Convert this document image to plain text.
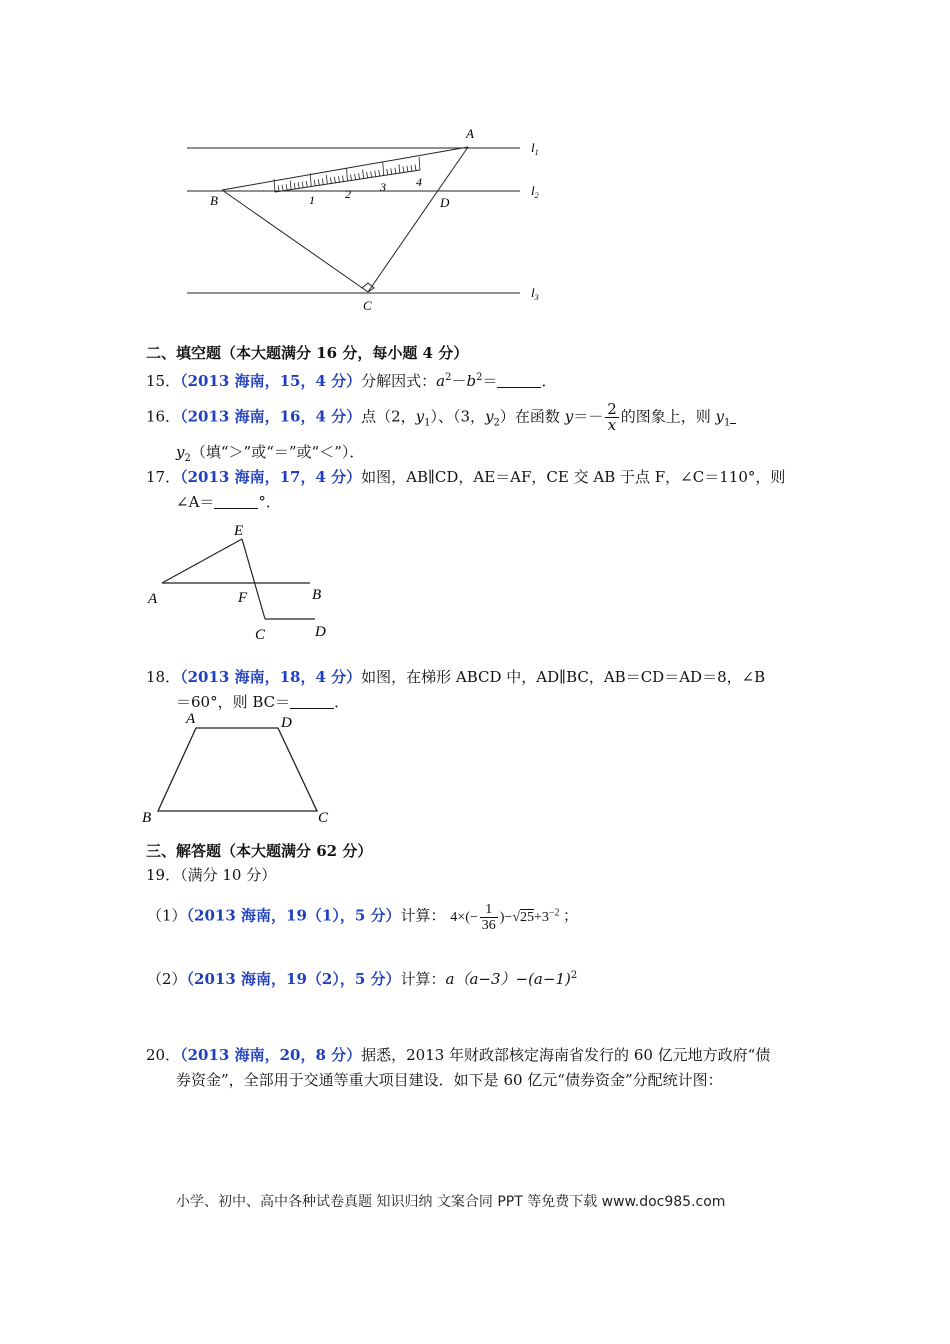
1	2 3	4
A
B	D
C
$l_1$
$l_2$
$l_3$
二、填空题（本大题满分 16 分，每小题 4 分）
15．（2013 海南，15，4 分）分解因式：$a^2-b^2=$	．
16．（2013 海南，16，4 分）点（2，$y_1$）、（3，$y_2$）在函数 $y=- \frac{2}{x}$ 的图象上，则 $y_1$
$y_2$（填“＞”或“＝”或“＜”）．
17．（2013 海南，17，4 分）如图，AB∥CD，AE＝AF，CE 交 AB 于点 F，∠C＝110°，则
∠A＝	°．
E
A	F	B
C	D
18．（2013 海南，18，4 分）如图，在梯形 ABCD 中，AD∥BC，AB＝CD＝AD＝8，∠B
＝60°，则 BC＝	．
A	D
B	C
三、解答题（本大题满分 62 分）
19．（满分 10 分）
（1）（2013 海南，19（1），5 分）计算： $4\times(- \frac{1}{36} )-√25+3^{-2}$ ；
（2）（2013 海南，19（2），5 分）计算：$a(a-3)-(a-1)^2$
20．（2013 海南，20，8 分）据悉，2013 年财政部核定海南省发行的 60 亿元地方政府“债
券资金”，全部用于交通等重大项目建设．如下是 60 亿元“债券资金”分配统计图：
小学、初中、高中各种试卷真题 知识归纳 文案合同 PPT 等免费下载 www.doc985.com
